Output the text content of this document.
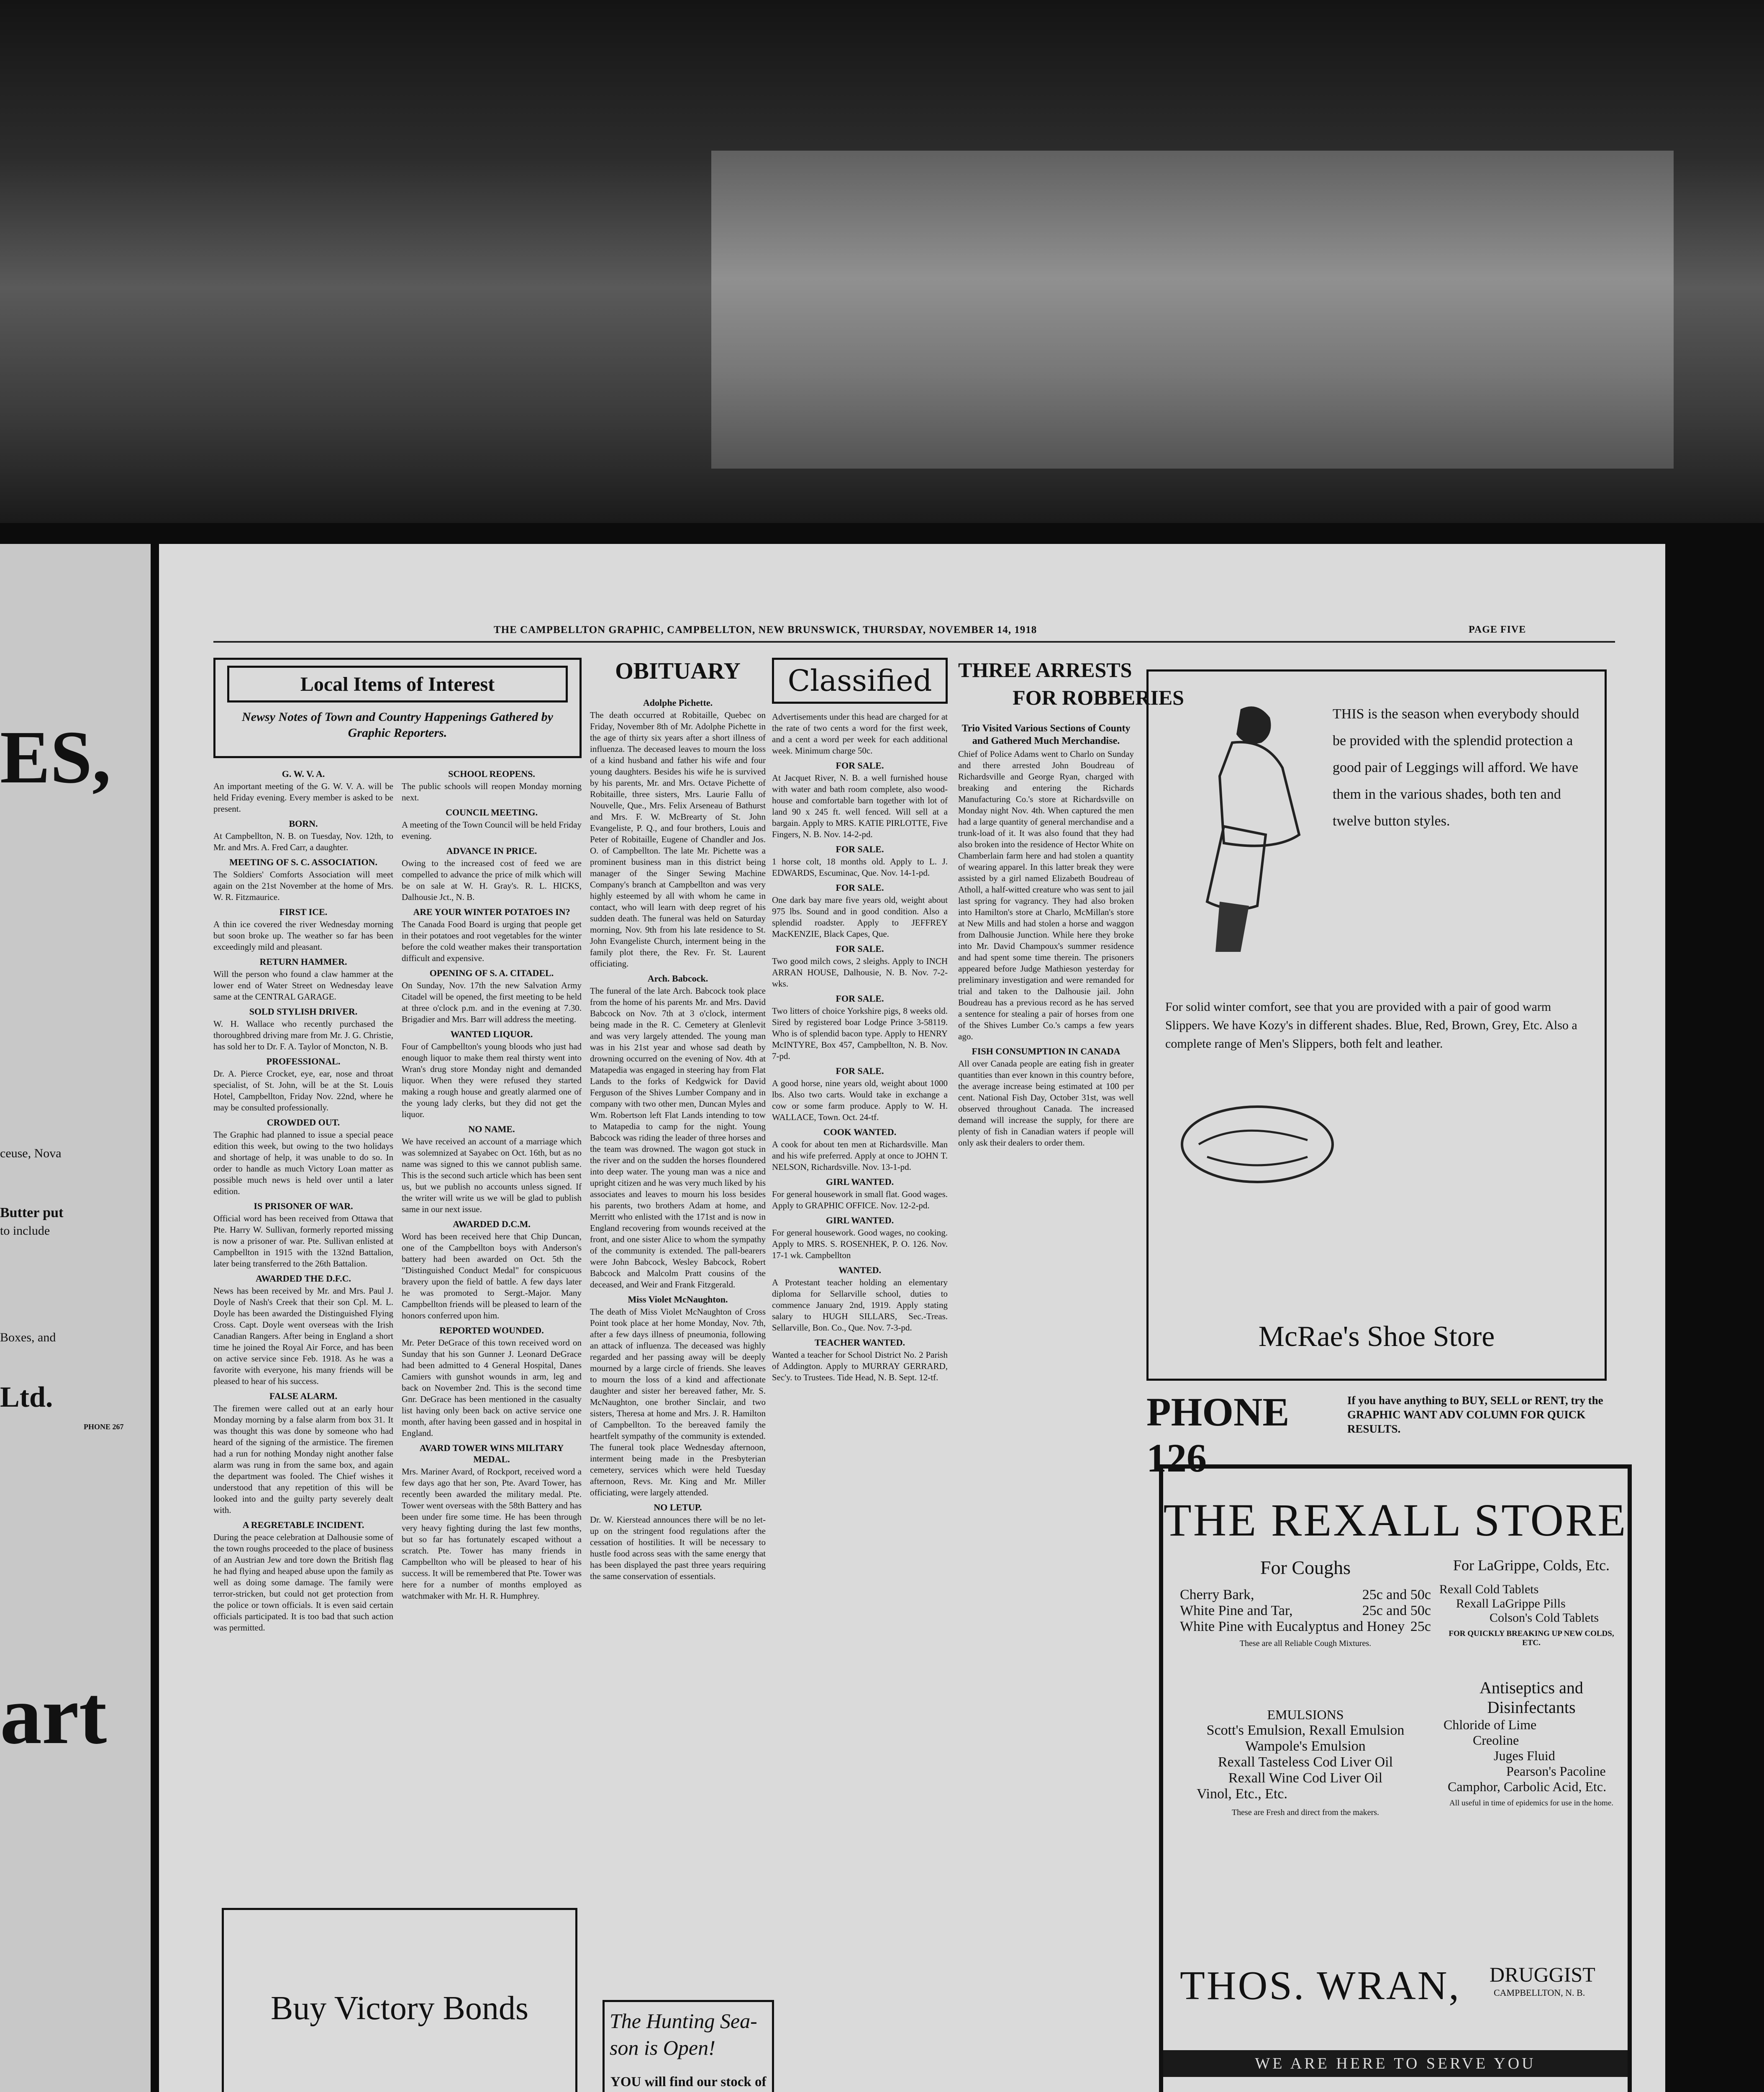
ES,
ceuse, Nova
Butter put
to include
Boxes, and
Ltd.
PHONE 267
art
THE CAMPBELLTON GRAPHIC, CAMPBELLTON, NEW BRUNSWICK, THURSDAY, NOVEMBER 14, 1918	PAGE FIVE
Local Items of Interest
Newsy Notes of Town and Country Happenings Gathered by Graphic Reporters.
G. W. V. A.

An important meeting of the G. W. V. A. will be held Friday evening. Every member is asked to be present.

BORN.

At Campbellton, N. B. on Tuesday, Nov. 12th, to Mr. and Mrs. A. Fred Carr, a daughter.

MEETING OF S. C. ASSOCIATION.

The Soldiers' Comforts Association will meet again on the 21st November at the home of Mrs. W. R. Fitzmaurice.

FIRST ICE.

A thin ice covered the river Wednesday morning but soon broke up. The weather so far has been exceedingly mild and pleasant.

RETURN HAMMER.

Will the person who found a claw hammer at the lower end of Water Street on Wednesday leave same at the CENTRAL GARAGE.

SOLD STYLISH DRIVER.

W. H. Wallace who recently purchased the thoroughbred driving mare from Mr. J. G. Christie, has sold her to Dr. F. A. Taylor of Moncton, N. B.

PROFESSIONAL.

Dr. A. Pierce Crocket, eye, ear, nose and throat specialist, of St. John, will be at the St. Louis Hotel, Campbellton, Friday Nov. 22nd, where he may be consulted professionally.

CROWDED OUT.

The Graphic had planned to issue a special peace edition this week, but owing to the two holidays and shortage of help, it was unable to do so. In order to handle as much Victory Loan matter as possible much news is held over until a later edition.

IS PRISONER OF WAR.

Official word has been received from Ottawa that Pte. Harry W. Sullivan, formerly reported missing is now a prisoner of war. Pte. Sullivan enlisted at Campbellton in 1915 with the 132nd Battalion, later being transferred to the 26th Battalion.

AWARDED THE D.F.C.

News has been received by Mr. and Mrs. Paul J. Doyle of Nash's Creek that their son Cpl. M. L. Doyle has been awarded the Distinguished Flying Cross. Capt. Doyle went overseas with the Irish Canadian Rangers. After being in England a short time he joined the Royal Air Force, and has been on active service since Feb. 1918. As he was a favorite with everyone, his many friends will be pleased to hear of his success.

FALSE ALARM.

The firemen were called out at an early hour Monday morning by a false alarm from box 31. It was thought this was done by someone who had heard of the signing of the armistice. The firemen had a run for nothing Monday night another false alarm was rung in from the same box, and again the department was fooled. The Chief wishes it understood that any repetition of this will be looked into and the guilty party severely dealt with.

A REGRETABLE INCIDENT.

During the peace celebration at Dalhousie some of the town roughs proceeded to the place of business of an Austrian Jew and tore down the British flag he had flying and heaped abuse upon the family as well as doing some damage. The family were terror-stricken, but could not get protection from the police or town officials. It is even said certain officials participated. It is too bad that such action was permitted.

SCHOOL REOPENS.

The public schools will reopen Monday morning next.

COUNCIL MEETING.

A meeting of the Town Council will be held Friday evening.

ADVANCE IN PRICE.

Owing to the increased cost of feed we are compelled to advance the price of milk which will be on sale at W. H. Gray's. R. L. HICKS, Dalhousie Jct., N. B.

ARE YOUR WINTER POTATOES IN?

The Canada Food Board is urging that people get in their potatoes and root vegetables for the winter before the cold weather makes their transportation difficult and expensive.

OPENING OF S. A. CITADEL.

On Sunday, Nov. 17th the new Salvation Army Citadel will be opened, the first meeting to be held at three o'clock p.m. and in the evening at 7.30. Brigadier and Mrs. Barr will address the meeting.

WANTED LIQUOR.

Four of Campbellton's young bloods who just had enough liquor to make them real thirsty went into Wran's drug store Monday night and demanded liquor. When they were refused they started making a rough house and greatly alarmed one of the young lady clerks, but they did not get the liquor.

NO NAME.

We have received an account of a marriage which was solemnized at Sayabec on Oct. 16th, but as no name was signed to this we cannot publish same. This is the second such article which has been sent us, but we publish no accounts unless signed. If the writer will write us we will be glad to publish same in our next issue.

AWARDED D.C.M.

Word has been received here that Chip Duncan, one of the Campbellton boys with Anderson's battery had been awarded on Oct. 5th the "Distinguished Conduct Medal" for conspicuous bravery upon the field of battle. A few days later he was promoted to Sergt.-Major. Many Campbellton friends will be pleased to learn of the honors conferred upon him.

REPORTED WOUNDED.

Mr. Peter DeGrace of this town received word on Sunday that his son Gunner J. Leonard DeGrace had been admitted to 4 General Hospital, Danes Camiers with gunshot wounds in arm, leg and back on November 2nd. This is the second time Gnr. DeGrace has been mentioned in the casualty list having only been back on active service one month, after having been gassed and in hospital in England.

AVARD TOWER WINS MILITARY MEDAL.

Mrs. Mariner Avard, of Rockport, received word a few days ago that her son, Pte. Avard Tower, has recently been awarded the military medal. Pte. Tower went overseas with the 58th Battery and has been under fire some time. He has been through very heavy fighting during the last few months, but so far has fortunately escaped without a scratch. Pte. Tower has many friends in Campbellton who will be pleased to hear of his success. It will be remembered that Pte. Tower was here for a number of months employed as watchmaker with Mr. H. R. Humphrey.

Buy Victory Bonds
OBITUARY
Adolphe Pichette.

The death occurred at Robitaille, Quebec on Friday, November 8th of Mr. Adolphe Pichette in the age of thirty six years after a short illness of influenza. The deceased leaves to mourn the loss of a kind husband and father his wife and four young daughters. Besides his wife he is survived by his parents, Mr. and Mrs. Octave Pichette of Robitaille, three sisters, Mrs. Laurie Fallu of Nouvelle, Que., Mrs. Felix Arseneau of Bathurst and Mrs. F. W. McBrearty of St. John Evangeliste, P. Q., and four brothers, Louis and Peter of Robitaille, Eugene of Chandler and Jos. O. of Campbellton. The late Mr. Pichette was a prominent business man in this district being manager of the Singer Sewing Machine Company's branch at Campbellton and was very highly esteemed by all with whom he came in contact, who will learn with deep regret of his sudden death. The funeral was held on Saturday morning, Nov. 9th from his late residence to St. John Evangeliste Church, interment being in the family plot there, the Rev. Fr. St. Laurent officiating.

Arch. Babcock.

The funeral of the late Arch. Babcock took place from the home of his parents Mr. and Mrs. David Babcock on Nov. 7th at 3 o'clock, interment being made in the R. C. Cemetery at Glenlevit and was very largely attended. The young man was in his 21st year and whose sad death by drowning occurred on the evening of Nov. 4th at Matapedia was engaged in steering hay from Flat Lands to the forks of Kedgwick for David Ferguson of the Shives Lumber Company and in company with two other men, Duncan Myles and Wm. Robertson left Flat Lands intending to tow to Matapedia to camp for the night. Young Babcock was riding the leader of three horses and the team was drowned. The wagon got stuck in the river and on the sudden the horses floundered into deep water. The young man was a nice and upright citizen and he was very much liked by his associates and leaves to mourn his loss besides his parents, two brothers Adam at home, and Merritt who enlisted with the 171st and is now in England recovering from wounds received at the front, and one sister Alice to whom the sympathy of the community is extended. The pall-bearers were John Babcock, Wesley Babcock, Robert Babcock and Malcolm Pratt cousins of the deceased, and Weir and Frank Fitzgerald.

Miss Violet McNaughton.

The death of Miss Violet McNaughton of Cross Point took place at her home Monday, Nov. 7th, after a few days illness of pneumonia, following an attack of influenza. The deceased was highly regarded and her passing away will be deeply mourned by a large circle of friends. She leaves to mourn the loss of a kind and affectionate daughter and sister her bereaved father, Mr. S. McNaughton, one brother Sinclair, and two sisters, Theresa at home and Mrs. J. R. Hamilton of Campbellton. To the bereaved family the heartfelt sympathy of the community is extended. The funeral took place Wednesday afternoon, interment being made in the Presbyterian cemetery, services which were held Tuesday afternoon, Revs. Mr. King and Mr. Miller officiating, were largely attended.

NO LETUP.

Dr. W. Kierstead announces there will be no let-up on the stringent food regulations after the cessation of hostilities. It will be necessary to hustle food across seas with the same energy that has been displayed the past three years requiring the same conservation of essentials.

The Hunting Sea-
son is Open!
YOU will find our stock of
Classified

Advertisements under this head are charged for at the rate of two cents a word for the first week, and a cent a word per week for each additional week. Minimum charge 50c.

FOR SALE.

At Jacquet River, N. B. a well furnished house with water and bath room complete, also wood-house and comfortable barn together with lot of land 90 x 245 ft. well fenced. Will sell at a bargain. Apply to MRS. KATIE PIRLOTTE, Five Fingers, N. B. Nov. 14-2-pd.

FOR SALE.

1 horse colt, 18 months old. Apply to L. J. EDWARDS, Escuminac, Que. Nov. 14-1-pd.

FOR SALE.

One dark bay mare five years old, weight about 975 lbs. Sound and in good condition. Also a splendid roadster. Apply to JEFFREY MacKENZIE, Black Capes, Que.

FOR SALE.

Two good milch cows, 2 sleighs. Apply to INCH ARRAN HOUSE, Dalhousie, N. B. Nov. 7-2-wks.

FOR SALE.

Two litters of choice Yorkshire pigs, 8 weeks old. Sired by registered boar Lodge Prince 3-58119. Who is of splendid bacon type. Apply to HENRY McINTYRE, Box 457, Campbellton, N. B. Nov. 7-pd.

FOR SALE.

A good horse, nine years old, weight about 1000 lbs. Also two carts. Would take in exchange a cow or some farm produce. Apply to W. H. WALLACE, Town. Oct. 24-tf.

COOK WANTED.

A cook for about ten men at Richardsville. Man and his wife preferred. Apply at once to JOHN T. NELSON, Richardsville. Nov. 13-1-pd.

GIRL WANTED.

For general housework in small flat. Good wages. Apply to GRAPHIC OFFICE. Nov. 12-2-pd.

GIRL WANTED.

For general housework. Good wages, no cooking. Apply to MRS. S. ROSENHEK, P. O. 126. Nov. 17-1 wk. Campbellton

WANTED.

A Protestant teacher holding an elementary diploma for Sellarville school, duties to commence January 2nd, 1919. Apply stating salary to HUGH SILLARS, Sec.-Treas. Sellarville, Bon. Co., Que. Nov. 7-3-pd.

TEACHER WANTED.

Wanted a teacher for School District No. 2 Parish of Addington. Apply to MURRAY GERRARD, Sec'y. to Trustees. Tide Head, N. B. Sept. 12-tf.

THREE ARRESTS
FOR ROBBERIES
Trio Visited Various Sections of County and Gathered Much Merchandise.

Chief of Police Adams went to Charlo on Sunday and there arrested John Boudreau of Richardsville and George Ryan, charged with breaking and entering the Richards Manufacturing Co.'s store at Richardsville on Monday night Nov. 4th. When captured the men had a large quantity of general merchandise and a trunk-load of it. It was also found that they had also broken into the residence of Hector White on Chamberlain farm here and had stolen a quantity of wearing apparel. In this latter break they were assisted by a girl named Elizabeth Boudreau of Atholl, a half-witted creature who was sent to jail last spring for vagrancy. They had also broken into Hamilton's store at Charlo, McMillan's store at New Mills and had stolen a horse and waggon from Dalhousie Junction. While here they broke into Mr. David Champoux's summer residence and had spent some time therein. The prisoners appeared before Judge Mathieson yesterday for preliminary investigation and were remanded for trial and taken to the Dalhousie jail. John Boudreau has a previous record as he has served a sentence for stealing a pair of horses from one of the Shives Lumber Co.'s camps a few years ago.

FISH CONSUMPTION IN CANADA

All over Canada people are eating fish in greater quantities than ever known in this country before, the average increase being estimated at 100 per cent. National Fish Day, October 31st, was well observed throughout Canada. The increased demand will increase the supply, for there are plenty of fish in Canadian waters if people will only ask their dealers to order them.

THIS is the season when everybody should be provided with the splendid protection a good pair of Leggings will afford. We have them in the various shades, both ten and twelve button styles.
For solid winter comfort, see that you are provided with a pair of good warm Slippers. We have Kozy's in different shades. Blue, Red, Brown, Grey, Etc. Also a complete range of Men's Slippers, both felt and leather.
McRae's Shoe Store
PHONE 126
If you have anything to BUY, SELL or RENT, try the GRAPHIC WANT ADV COLUMN FOR QUICK RESULTS.
THE REXALL STORE
For Coughs
Cherry Bark,	25c and 50c
White Pine and Tar,	25c and 50c
White Pine with Eucalyptus and Honey 25c
These are all Reliable Cough Mixtures.
For LaGrippe, Colds, Etc.
Rexall Cold Tablets
Rexall LaGrippe Pills
Colson's Cold Tablets
FOR QUICKLY BREAKING UP NEW COLDS, ETC.
EMULSIONS
Scott's Emulsion, Rexall Emulsion
Wampole's Emulsion
Rexall Tasteless Cod Liver Oil
Rexall Wine Cod Liver Oil
Vinol, Etc., Etc.
These are Fresh and direct from the makers.
Antiseptics and Disinfectants
Chloride of Lime
Creoline
Juges Fluid
Pearson's Pacoline
Camphor, Carbolic Acid, Etc.
All useful in time of epidemics for use in the home.
THOS. WRAN,	DRUGGIST
CAMPBELLTON, N. B.
WE ARE HERE TO SERVE YOU
